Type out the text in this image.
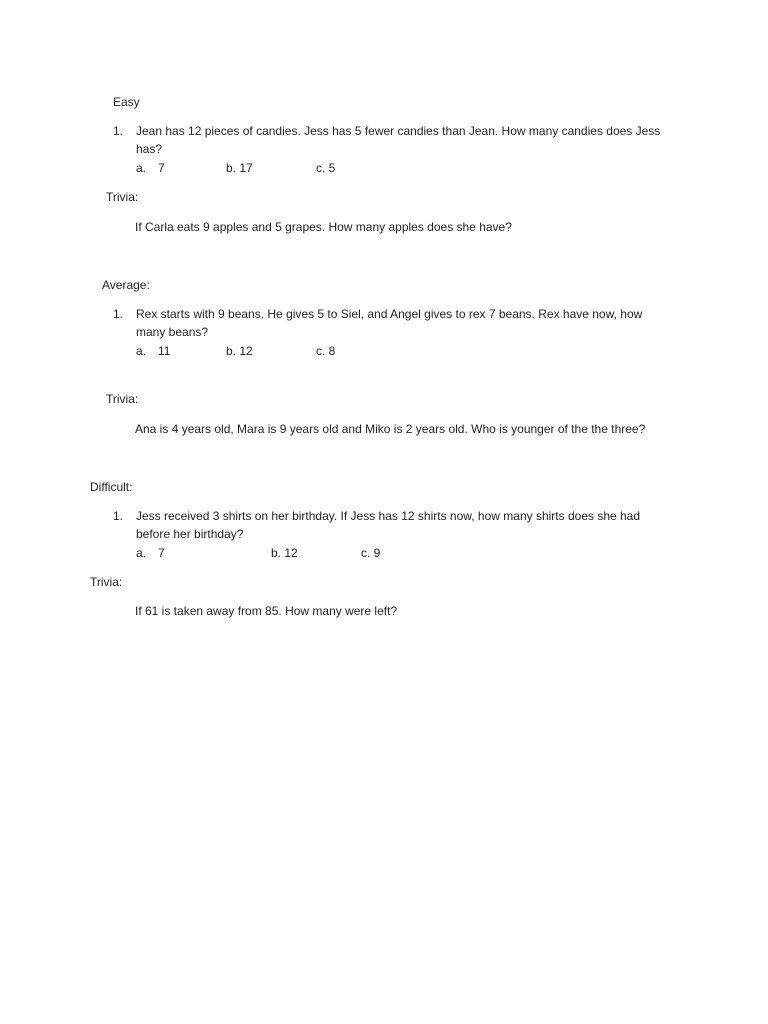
Easy
1. Jean has 12 pieces of candies. Jess has 5 fewer candies than Jean. How many candies does Jess has?
a. 7	b. 17	c. 5
Trivia:
If Carla eats 9 apples and 5 grapes. How many apples does she have?
Average:
1. Rex starts with 9 beans. He gives 5 to Siel, and Angel gives to rex 7 beans. Rex have now, how many beans?
a. 11	b. 12	c. 8
Trivia:
Ana is 4 years old, Mara is 9 years old and Miko is 2 years old. Who is younger of the the three?
Difficult:
1. Jess received 3 shirts on her birthday. If Jess has 12 shirts now, how many shirts does she had before her birthday?
a. 7	b. 12	c. 9
Trivia:
If 61 is taken away from 85. How many were left?
